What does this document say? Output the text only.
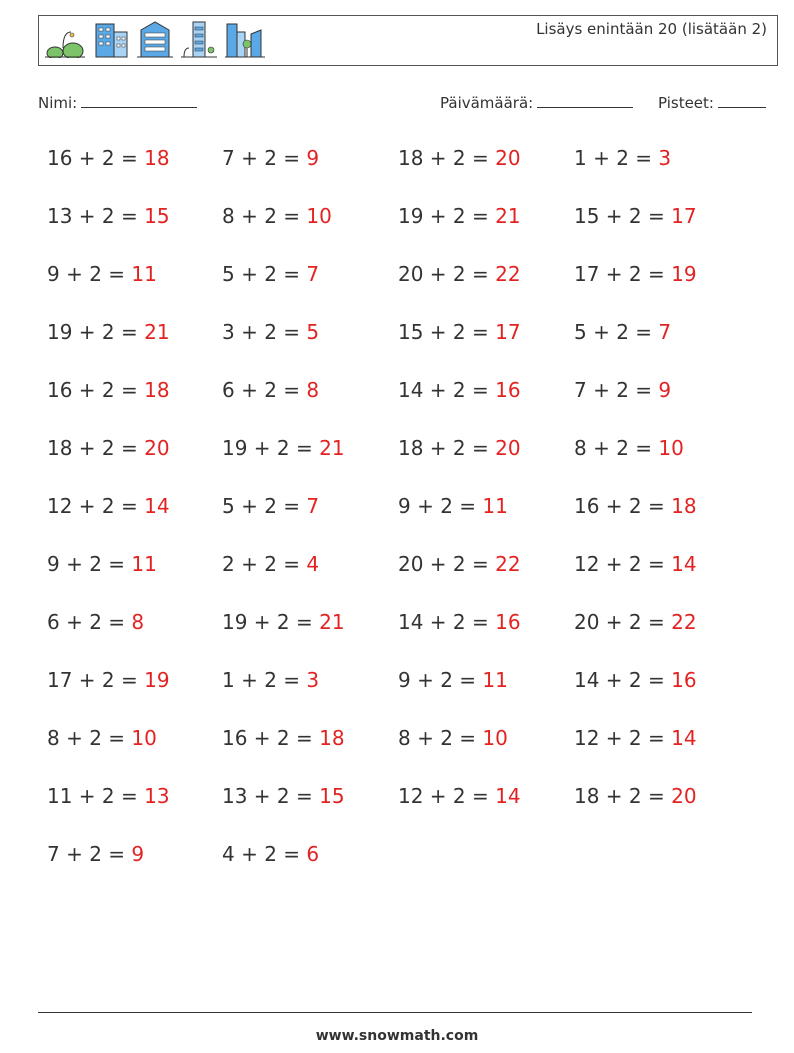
Lisäys enintään 20 (lisätään 2)
Nimi:	Päivämäärä:	Pisteet:
16 + 2 = 18	7 + 2 = 9	18 + 2 = 20	1 + 2 = 3
13 + 2 = 15	8 + 2 = 10	19 + 2 = 21	15 + 2 = 17
9 + 2 = 11	5 + 2 = 7	20 + 2 = 22	17 + 2 = 19
19 + 2 = 21	3 + 2 = 5	15 + 2 = 17	5 + 2 = 7
16 + 2 = 18	6 + 2 = 8	14 + 2 = 16	7 + 2 = 9
18 + 2 = 20	19 + 2 = 21	18 + 2 = 20	8 + 2 = 10
12 + 2 = 14	5 + 2 = 7	9 + 2 = 11	16 + 2 = 18
9 + 2 = 11	2 + 2 = 4	20 + 2 = 22	12 + 2 = 14
6 + 2 = 8	19 + 2 = 21	14 + 2 = 16	20 + 2 = 22
17 + 2 = 19	1 + 2 = 3	9 + 2 = 11	14 + 2 = 16
8 + 2 = 10	16 + 2 = 18	8 + 2 = 10	12 + 2 = 14
11 + 2 = 13	13 + 2 = 15	12 + 2 = 14	18 + 2 = 20
7 + 2 = 9	4 + 2 = 6
www.snowmath.com
